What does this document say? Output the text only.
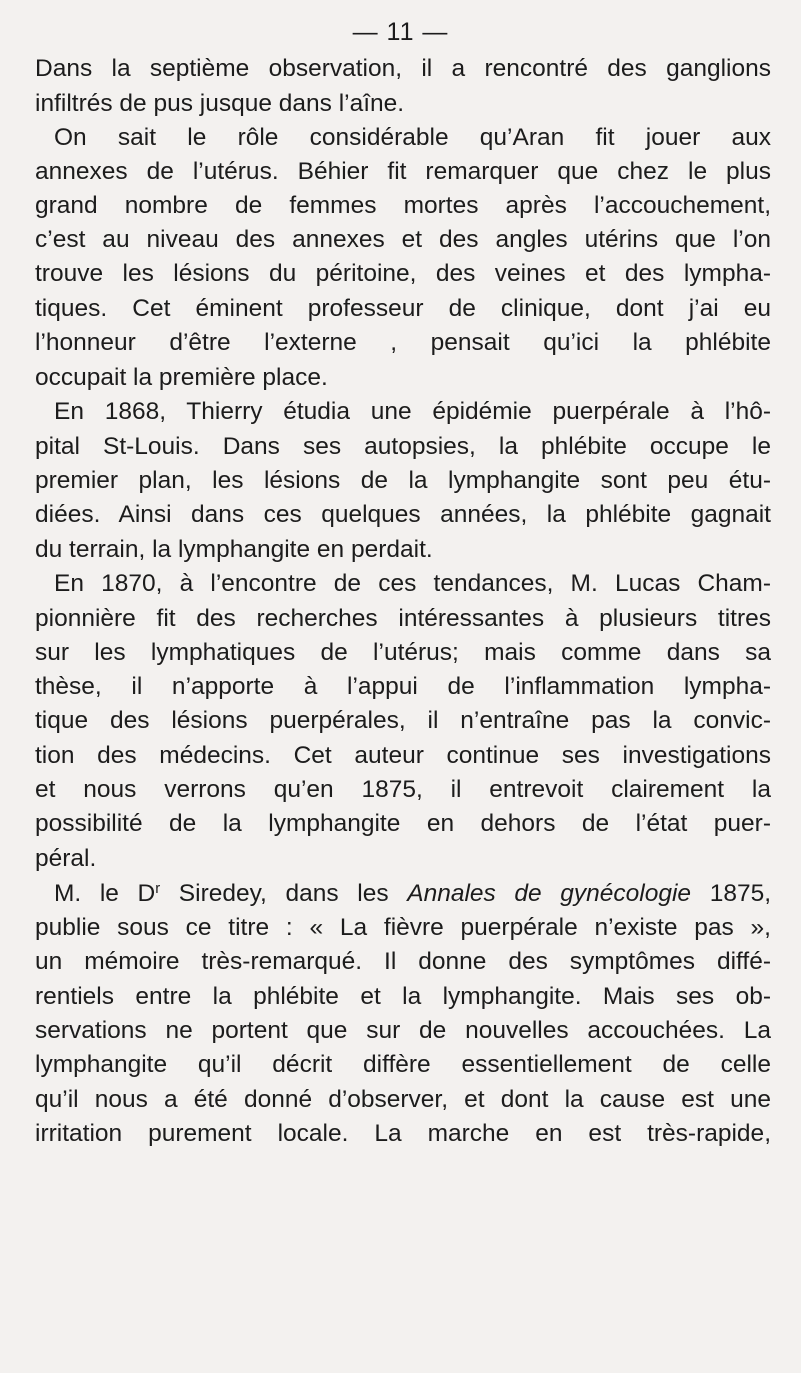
— 11 —
Dans la septième observation, il a rencontré des ganglions
infiltrés de pus jusque dans l’aîne.
On sait le rôle considérable qu’Aran fit jouer aux
annexes de l’utérus. Béhier fit remarquer que chez le plus
grand nombre de femmes mortes après l’accouchement,
c’est au niveau des annexes et des angles utérins que l’on
trouve les lésions du péritoine, des veines et des lympha-
tiques. Cet éminent professeur de clinique, dont j’ai eu
l’honneur d’être l’externe , pensait qu’ici la phlébite
occupait la première place.
En 1868, Thierry étudia une épidémie puerpérale à l’hô-
pital St-Louis. Dans ses autopsies, la phlébite occupe le
premier plan, les lésions de la lymphangite sont peu étu-
diées. Ainsi dans ces quelques années, la phlébite gagnait
du terrain, la lymphangite en perdait.
En 1870, à l’encontre de ces tendances, M. Lucas Cham-
pionnière fit des recherches intéressantes à plusieurs titres
sur les lymphatiques de l’utérus; mais comme dans sa
thèse, il n’apporte à l’appui de l’inflammation lympha-
tique des lésions puerpérales, il n’entraîne pas la convic-
tion des médecins. Cet auteur continue ses investigations
et nous verrons qu’en 1875, il entrevoit clairement la
possibilité de la lymphangite en dehors de l’état puer-
péral.
M. le $D^r$ Siredey, dans les Annales de gynécologie 1875,
publie sous ce titre : « La fièvre puerpérale n’existe pas »,
un mémoire très-remarqué. Il donne des symptômes diffé-
rentiels entre la phlébite et la lymphangite. Mais ses ob-
servations ne portent que sur de nouvelles accouchées. La
lymphangite qu’il décrit diffère essentiellement de celle
qu’il nous a été donné d’observer, et dont la cause est une
irritation purement locale. La marche en est très-rapide,
